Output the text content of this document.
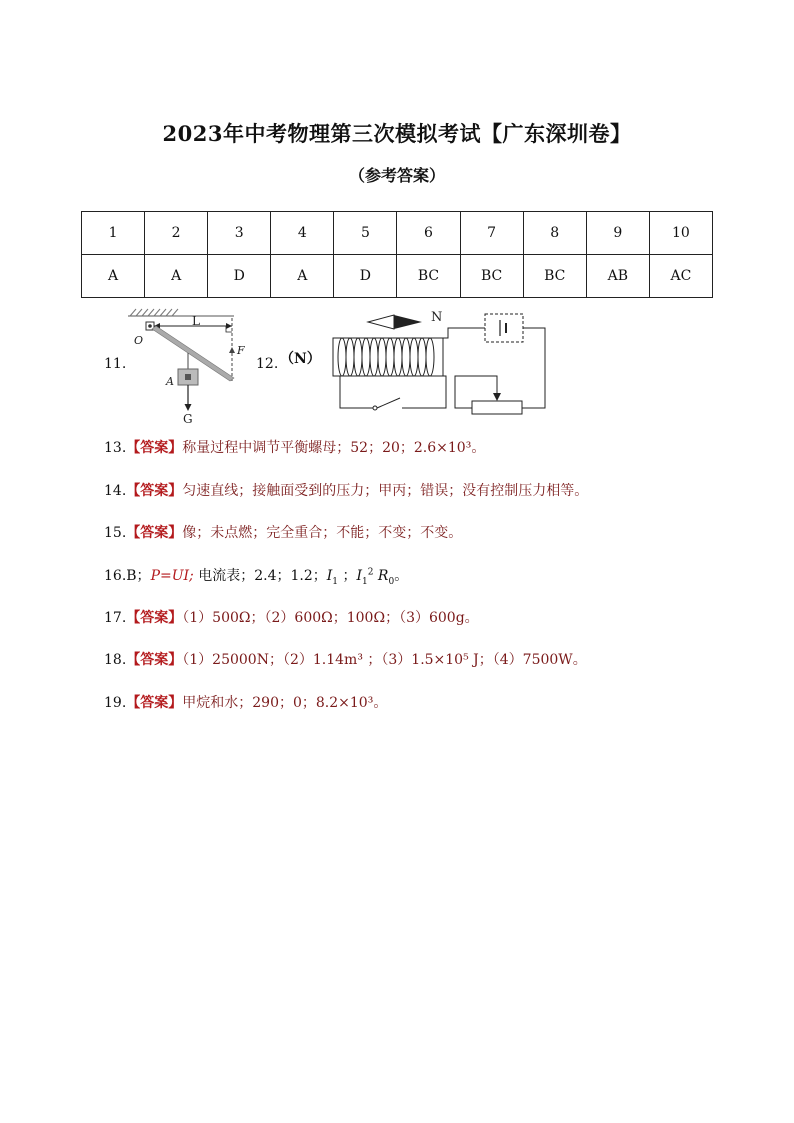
2023年中考物理第三次模拟考试【广东深圳卷】
（参考答案）
1	2	3	4	5	6	7	8	9	10
A	A	D	A	D	BC	BC	BC	AB	AC
11.
L
O
F
A
G
12. （N）
N
13.【答案】称量过程中调节平衡螺母；52；20；2.6×10³。
14.【答案】匀速直线；接触面受到的压力；甲丙；错误；没有控制压力相等。
15.【答案】像；未点燃；完全重合；不能；不变；不变。
16.B；P=UI; 电流表；2.4；1.2；$I_1$ ；$I_1^2$ $R_0$。
17.【答案】（1）500Ω；（2）600Ω；100Ω；（3）600g。
18.【答案】（1）25000N；（2）1.14m³ ；（3）1.5×10⁵ J；（4）7500W。
19.【答案】甲烷和水；290；0；8.2×10³。
